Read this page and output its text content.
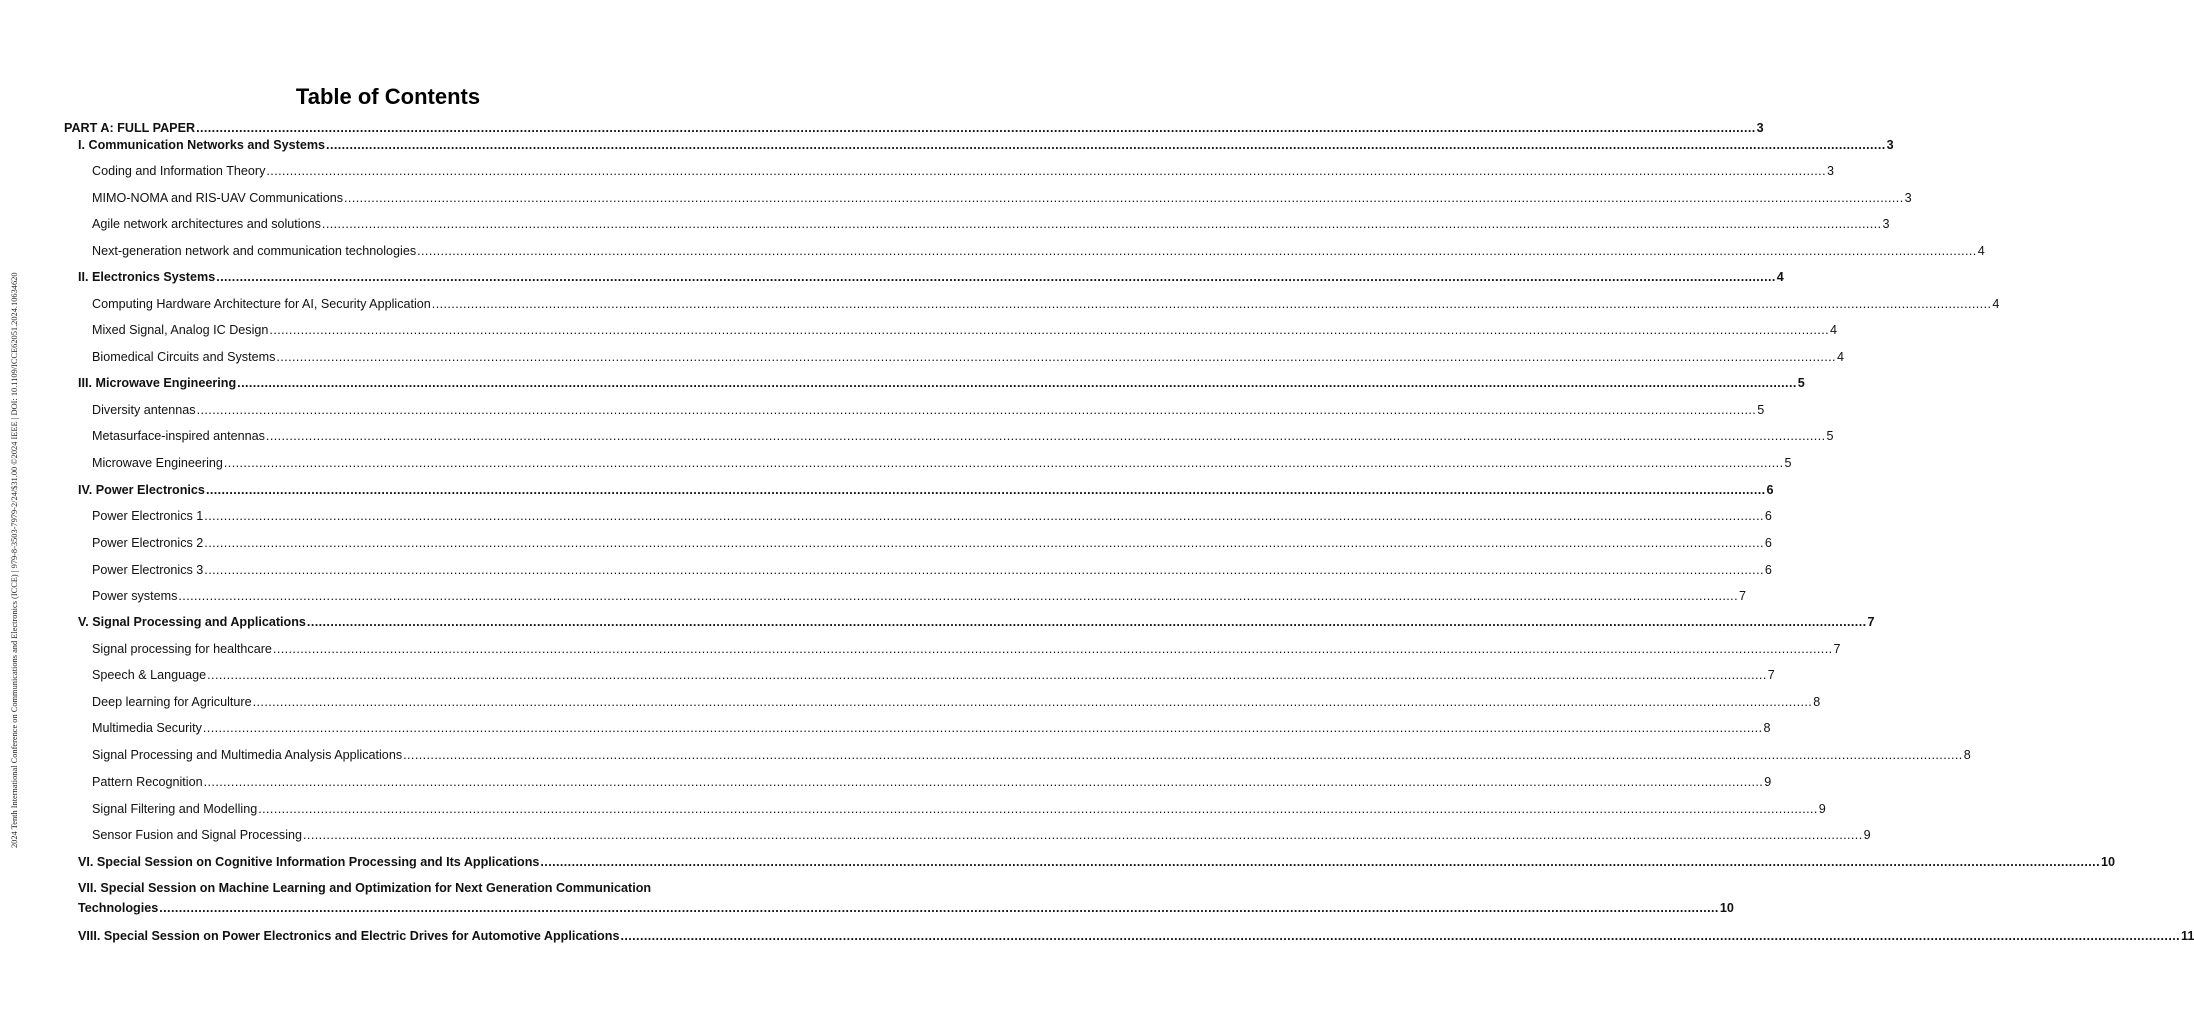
2024 Tenth International Conference on Communications and Electronics (ICCE) | 979-8-3503-7979-2/24/$31.00 ©2024 IEEE | DOI: 10.1109/ICCE62051.2024.10634620
Table of Contents
PART A: FULL PAPER ................................................................................................................................................................................................................................................................................................................................................................................................................ 3
I. Communication Networks and Systems ................................................................................................................................................................................................................................................................................................................................................................................................................ 3
Coding and Information Theory ................................................................................................................................................................................................................................................................................................................................................................................................................ 3
MIMO-NOMA and RIS-UAV Communications ................................................................................................................................................................................................................................................................................................................................................................................................................ 3
Agile network architectures and solutions ................................................................................................................................................................................................................................................................................................................................................................................................................ 3
Next-generation network and communication technologies ................................................................................................................................................................................................................................................................................................................................................................................................................ 4
II. Electronics Systems ................................................................................................................................................................................................................................................................................................................................................................................................................ 4
Computing Hardware Architecture for AI, Security Application ................................................................................................................................................................................................................................................................................................................................................................................................................ 4
Mixed Signal, Analog IC Design ................................................................................................................................................................................................................................................................................................................................................................................................................ 4
Biomedical Circuits and Systems ................................................................................................................................................................................................................................................................................................................................................................................................................ 4
III. Microwave Engineering ................................................................................................................................................................................................................................................................................................................................................................................................................ 5
Diversity antennas ................................................................................................................................................................................................................................................................................................................................................................................................................ 5
Metasurface-inspired antennas ................................................................................................................................................................................................................................................................................................................................................................................................................ 5
Microwave Engineering ................................................................................................................................................................................................................................................................................................................................................................................................................ 5
IV. Power Electronics ................................................................................................................................................................................................................................................................................................................................................................................................................ 6
Power Electronics 1 ................................................................................................................................................................................................................................................................................................................................................................................................................ 6
Power Electronics 2 ................................................................................................................................................................................................................................................................................................................................................................................................................ 6
Power Electronics 3 ................................................................................................................................................................................................................................................................................................................................................................................................................ 6
Power systems ................................................................................................................................................................................................................................................................................................................................................................................................................ 7
V. Signal Processing and Applications ................................................................................................................................................................................................................................................................................................................................................................................................................ 7
Signal processing for healthcare ................................................................................................................................................................................................................................................................................................................................................................................................................ 7
Speech & Language ................................................................................................................................................................................................................................................................................................................................................................................................................ 7
Deep learning for Agriculture ................................................................................................................................................................................................................................................................................................................................................................................................................ 8
Multimedia Security ................................................................................................................................................................................................................................................................................................................................................................................................................ 8
Signal Processing and Multimedia Analysis Applications ................................................................................................................................................................................................................................................................................................................................................................................................................ 8
Pattern Recognition ................................................................................................................................................................................................................................................................................................................................................................................................................ 9
Signal Filtering and Modelling ................................................................................................................................................................................................................................................................................................................................................................................................................ 9
Sensor Fusion and Signal Processing ................................................................................................................................................................................................................................................................................................................................................................................................................ 9
VI. Special Session on Cognitive Information Processing and Its Applications ................................................................................................................................................................................................................................................................................................................................................................................................................ 10
VII. Special Session on Machine Learning and Optimization for Next Generation Communication
Technologies ................................................................................................................................................................................................................................................................................................................................................................................................................ 10
VIII. Special Session on Power Electronics and Electric Drives for Automotive Applications ................................................................................................................................................................................................................................................................................................................................................................................................................ 11
